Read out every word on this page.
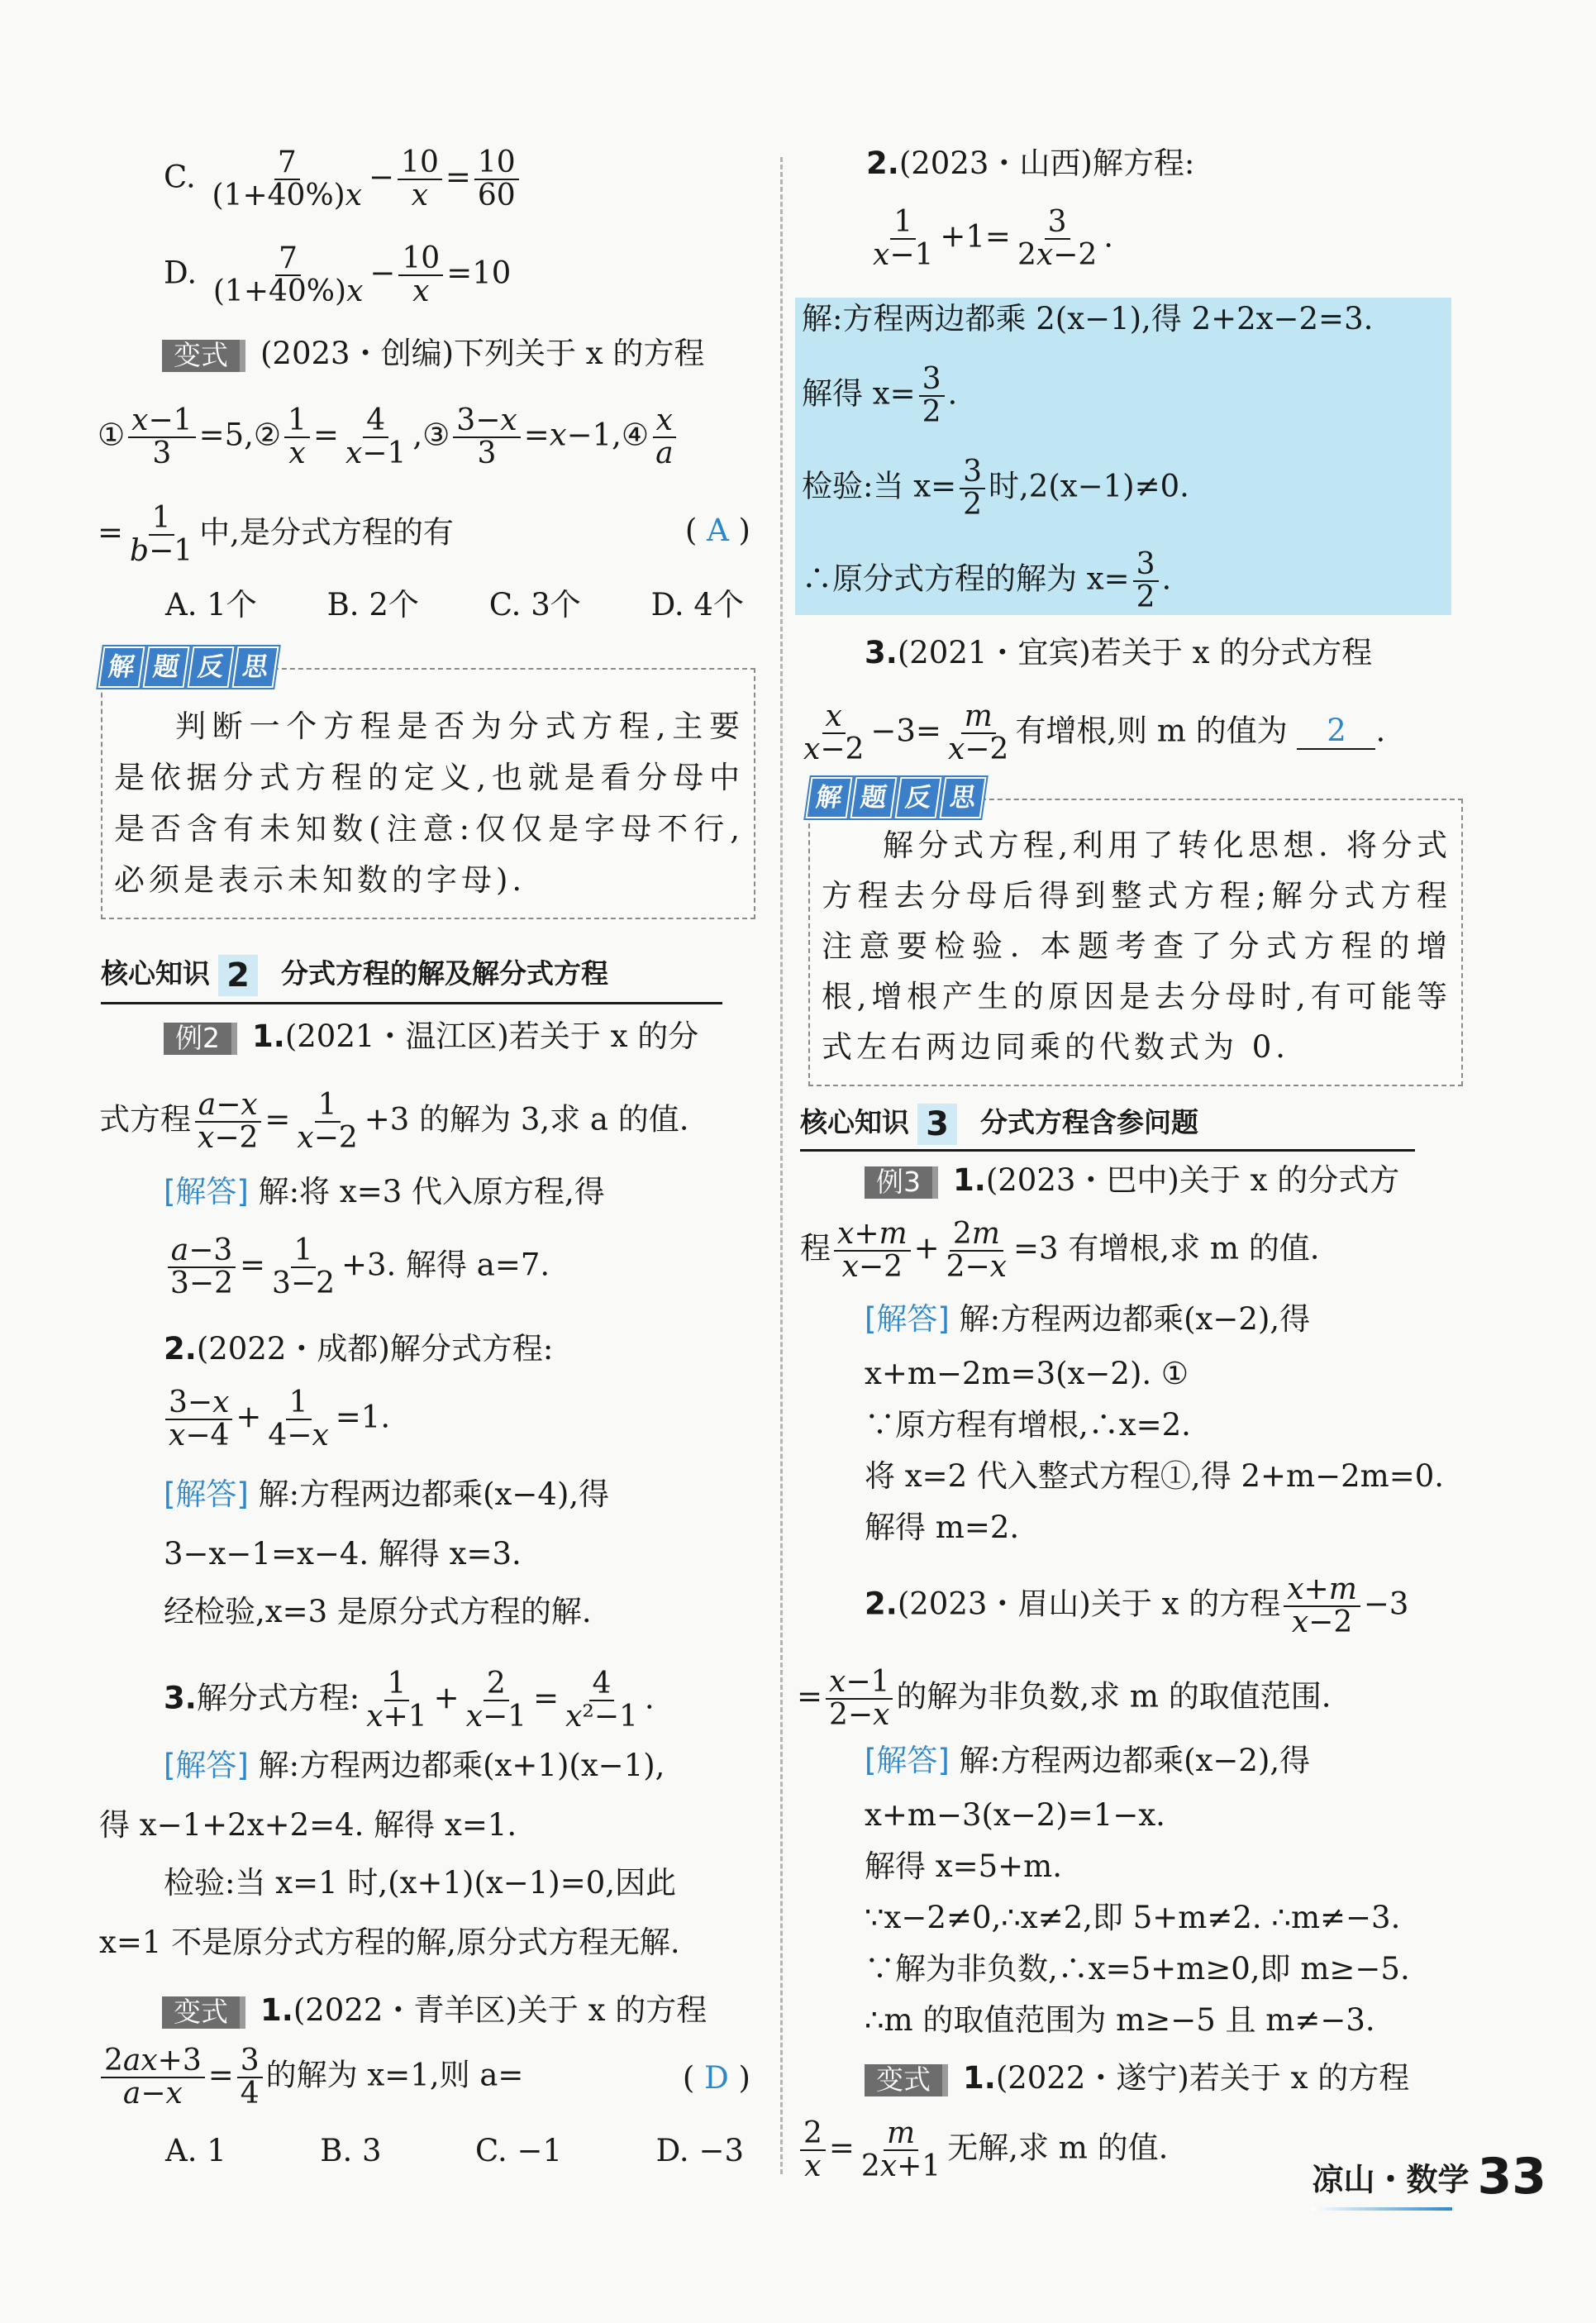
C. $\frac{7}{(1+40\%)x} - \frac{10}{x} = \frac{10}{60}$
D. $\frac{7}{(1+40\%)x} - \frac{10}{x} =10$
变式 (2023・创编)下列关于 x 的方程
① $\frac{x-1}{3}$ =5,② $\frac{1}{x} = \frac{4}{x-1}$ ,③ $\frac{3-x}{3}$ =x−1,④ $\frac{x}{a}$
= $\frac{1}{b-1}$ 中,是分式方程的有	( A )
A. 1个 B. 2个 C. 3个 D. 4个
解 题 反 思
判断一个方程是否为分式方程,主要是依据分式方程的定义,也就是看分母中是否含有未知数(注意:仅仅是字母不行,必须是表示未知数的字母).
核心知识 2 分式方程的解及解分式方程
例2 1.(2021・温江区)若关于 x 的分
式方程 $\frac{a-x}{x-2} = \frac{1}{x-2} +3$ 的解为 3,求 a 的值.
[解答] 解:将 x=3 代入原方程,得
$\frac{a-3}{3-2} = \frac{1}{3-2} +3$. 解得 a=7.
2.(2022・成都)解分式方程:
$\frac{3-x}{x-4} + \frac{1}{4-x} =1$.
[解答] 解:方程两边都乘(x−4),得
3−x−1=x−4. 解得 x=3.
经检验,x=3 是原分式方程的解.
3.解分式方程: $\frac{1}{x+1} + \frac{2}{x-1} = \frac{4}{\text{x²−1}}$ .
[解答] 解:方程两边都乘(x+1)(x−1),
得 x−1+2x+2=4. 解得 x=1.
检验:当 x=1 时,(x+1)(x−1)=0,因此
x=1 不是原分式方程的解,原分式方程无解.
变式 1.(2022・青羊区)关于 x 的方程
$\frac{2ax+3}{a-x} = \frac{3}{4}$ 的解为 x=1,则 a=	( D )
A. 1	B. 3	C. −1	D. −3
2.(2023・山西)解方程:
$\frac{1}{x-1} +1= \frac{3}{2x-2}$ .
解:方程两边都乘 2(x−1),得 2+2x−2=3.
解得 $x= \frac{3}{2}$ .
检验:当 $x= \frac{3}{2}$ 时,2(x−1)≠0.
∴原分式方程的解为 $x= \frac{3}{2}$ .
3.(2021・宜宾)若关于 x 的分式方程
$\frac{x}{x-2} -3= \frac{m}{x-2}$ 有增根,则 m 的值为 2 .
解 题 反 思
解分式方程,利用了转化思想. 将分式方程去分母后得到整式方程;解分式方程注意要检验. 本题考查了分式方程的增根,增根产生的原因是去分母时,有可能等式左右两边同乘的代数式为 0.
核心知识 3 分式方程含参问题
例3 1.(2023・巴中)关于 x 的分式方
程 $\frac{x+m}{x-2} + \frac{2m}{2-x} =3$ 有增根,求 m 的值.
[解答] 解:方程两边都乘(x−2),得
x+m−2m=3(x−2). ①
∵原方程有增根,∴x=2.
将 x=2 代入整式方程①,得 2+m−2m=0.
解得 m=2.
2.(2023・眉山)关于 x 的方程 $\frac{x+m}{x-2} -3$
= $\frac{x-1}{2-x}$ 的解为非负数,求 m 的取值范围.
[解答] 解:方程两边都乘(x−2),得
x+m−3(x−2)=1−x.
解得 x=5+m.
∵x−2≠0,∴x≠2,即 5+m≠2. ∴m≠−3.
∵解为非负数,∴x=5+m≥0,即 m≥−5.
∴m 的取值范围为 m≥−5 且 m≠−3.
变式 1.(2022・遂宁)若关于 x 的方程
$\frac{2}{x} = \frac{m}{2x+1}$ 无解,求 m 的值.
凉山・数学 33
